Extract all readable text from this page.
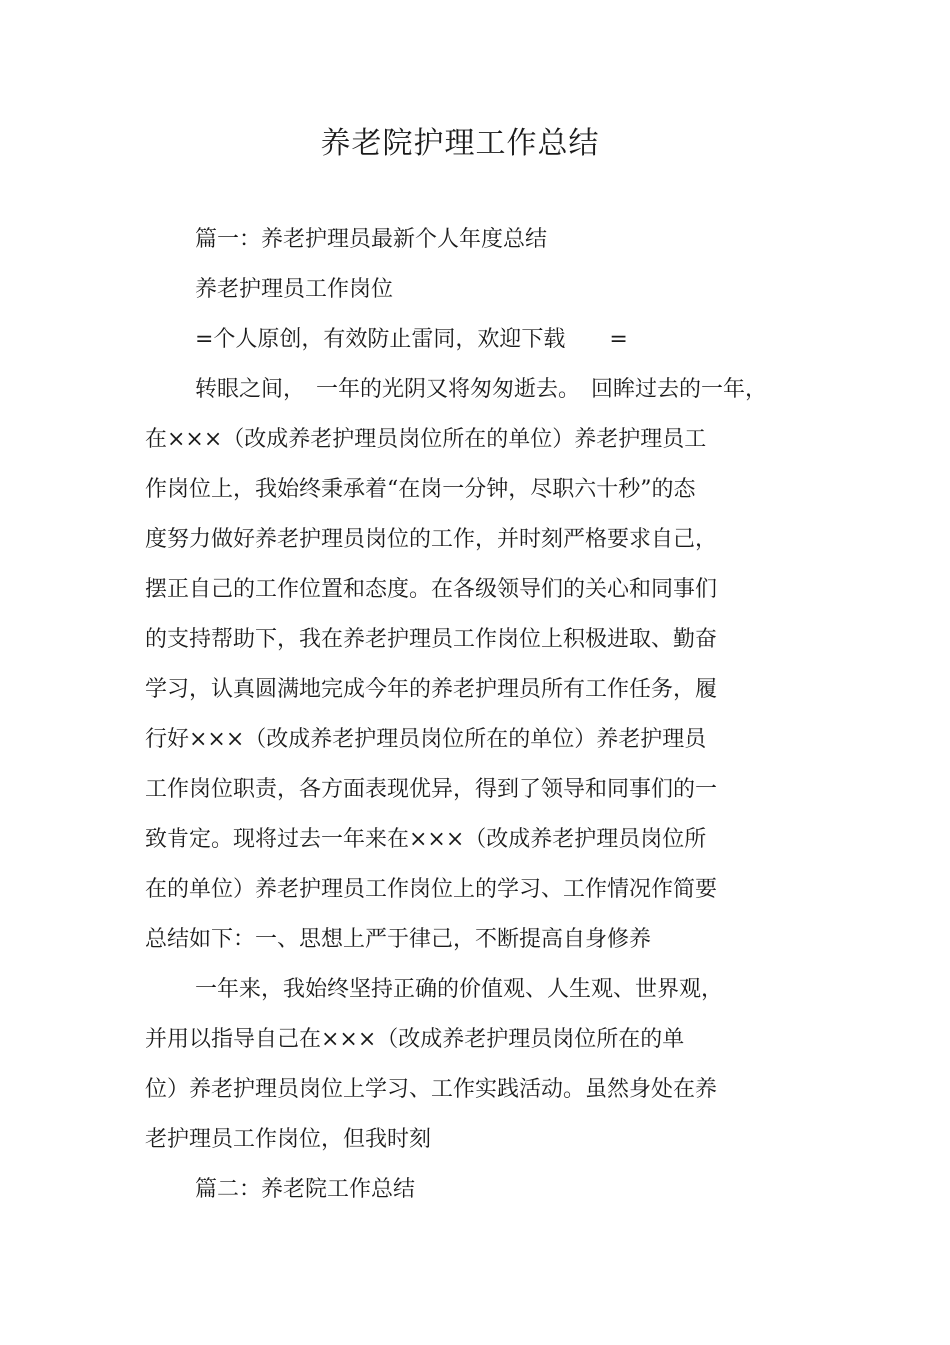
养老院护理工作总结
篇一：养老护理员最新个人年度总结
养老护理员工作岗位
=个人原创，有效防止雷同，欢迎下载　　=
转眼之间，　一年的光阴又将匆匆逝去。　回眸过去的一年，
在×××（改成养老护理员岗位所在的单位）养老护理员工
作岗位上，我始终秉承着“在岗一分钟，尽职六十秒”的态
度努力做好养老护理员岗位的工作，并时刻严格要求自己，
摆正自己的工作位置和态度。在各级领导们的关心和同事们
的支持帮助下，我在养老护理员工作岗位上积极进取、勤奋
学习，认真圆满地完成今年的养老护理员所有工作任务，履
行好×××（改成养老护理员岗位所在的单位）养老护理员
工作岗位职责，各方面表现优异，得到了领导和同事们的一
致肯定。现将过去一年来在×××（改成养老护理员岗位所
在的单位）养老护理员工作岗位上的学习、工作情况作简要
总结如下：一、思想上严于律己，不断提高自身修养
一年来，我始终坚持正确的价值观、人生观、世界观，
并用以指导自己在×××（改成养老护理员岗位所在的单
位）养老护理员岗位上学习、工作实践活动。虽然身处在养
老护理员工作岗位，但我时刻
篇二：养老院工作总结
